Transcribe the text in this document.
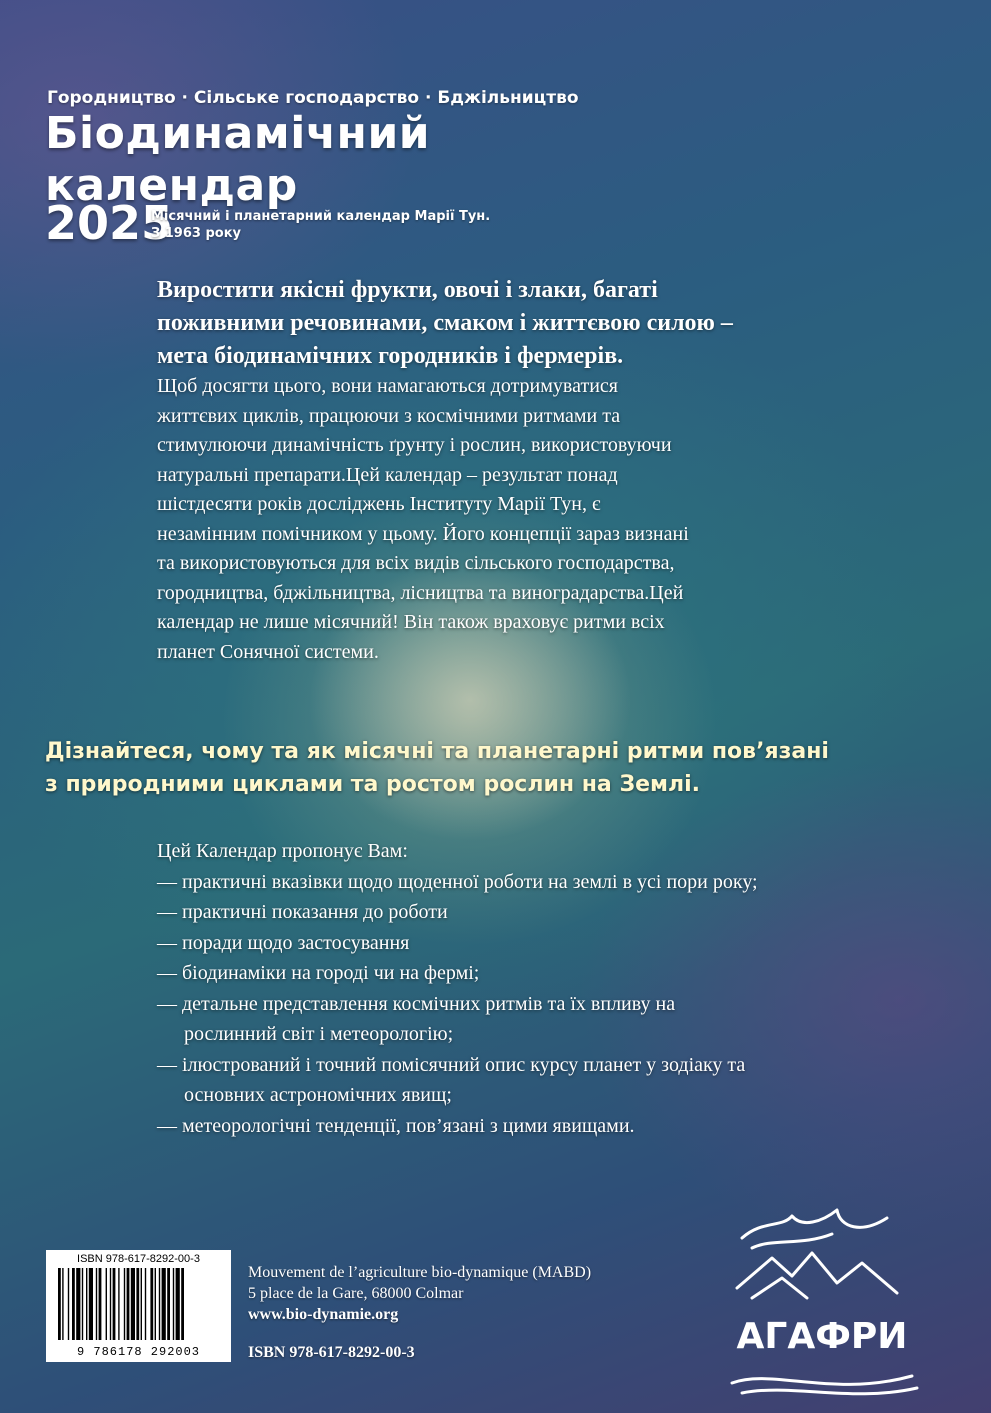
Городництво · Сільське господарство · Бджільництво
Біодинамічний
календар
2025
Місячний і планетарний календар Марії Тун.
З 1963 року

Виростити якісні фрукти, овочі і злаки, багаті

поживними речовинами, смаком і життєвою силою –

мета біодинамічних городників і фермерів.

Щоб досягти цього, вони намагаються дотримуватися

життєвих циклів, працюючи з космічними ритмами та

стимулюючи динамічність ґрунту і рослин, використовуючи

натуральні препарати.Цей календар – результат понад

шістдесяти років досліджень Інституту Марії Тун, є

незамінним помічником у цьому. Його концепції зараз визнані

та використовуються для всіх видів сільського господарства,

городництва, бджільництва, лісництва та виноградарства.Цей

календар не лише місячний! Він також враховує ритми всіх

планет Сонячної системи.

Дізнайтеся, чому та як місячні та планетарні ритми пов’язані

з природними циклами та ростом рослин на Землі.

Цей Календар пропонує Вам:

— практичні вказівки щодо щоденної роботи на землі в усі пори року;

— практичні показання до роботи

— поради щодо застосування

— біодинаміки на городі чи на фермі;

— детальне представлення космічних ритмів та їх впливу на

рослинний світ і метеорологію;

— ілюстрований і точний помісячний опис курсу планет у зодіаку та

основних астрономічних явищ;

— метеорологічні тенденції, пов’язані з цими явищами.

ISBN 978-617-8292-00-3
9 786178 292003

Mouvement de l’agriculture bio-dynamique (MABD)

5 place de la Gare, 68000 Colmar

www.bio-dynamie.org

ISBN 978-617-8292-00-3	АГАФРИ
